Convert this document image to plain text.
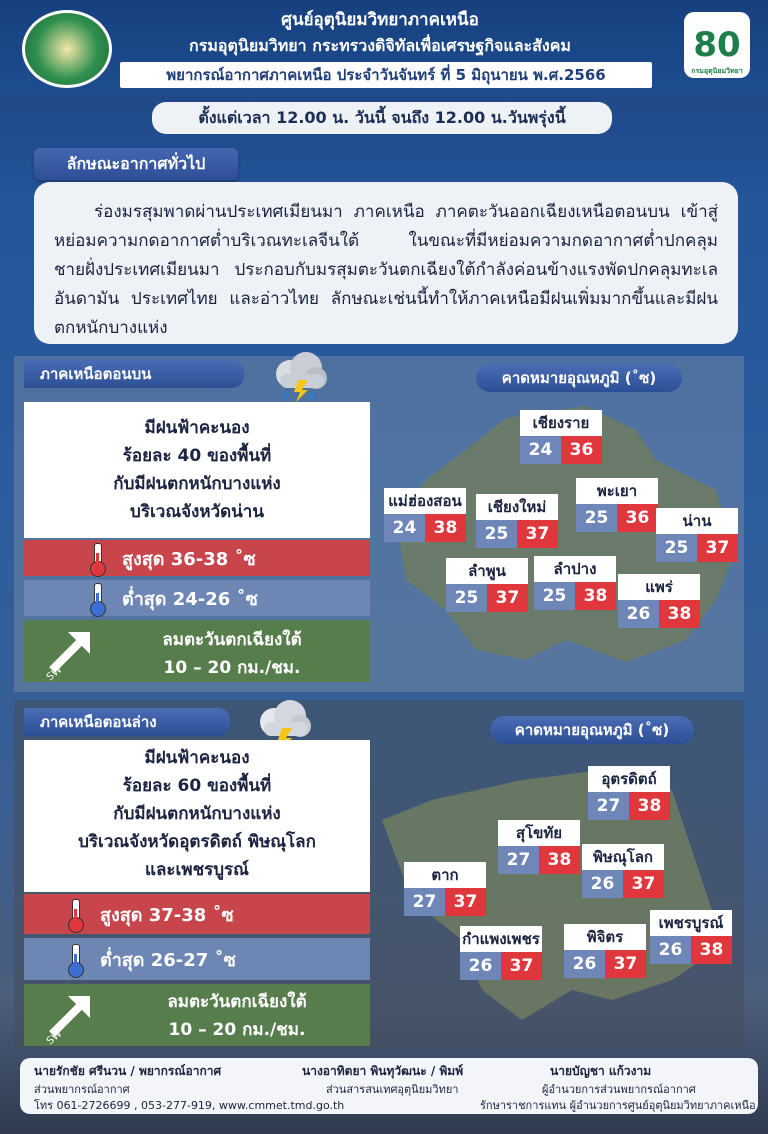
ศูนย์อุตุนิยมวิทยาภาคเหนือ
กรมอุตุนิยมวิทยา กระทรวงดิจิทัลเพื่อเศรษฐกิจและสังคม
พยากรณ์อากาศภาคเหนือ ประจำวันจันทร์ ที่ 5 มิถุนายน พ.ศ.2566
80
กรมอุตุนิยมวิทยา
ตั้งแต่เวลา 12.00 น. วันนี้ จนถึง 12.00 น.วันพรุ่งนี้
ลักษณะอากาศทั่วไป

ร่องมรสุมพาดผ่านประเทศเมียนมา ภาคเหนือ ภาคตะวันออกเฉียงเหนือตอนบน เข้าสู่หย่อมความกดอากาศต่ำบริเวณทะเลจีนใต้ ในขณะที่มีหย่อมความกดอากาศต่ำปกคลุมชายฝั่งประเทศเมียนมา ประกอบกับมรสุมตะวันตกเฉียงใต้กำลังค่อนข้างแรงพัดปกคลุมทะเลอันดามัน ประเทศไทย และอ่าวไทย ลักษณะเช่นนี้ทำให้ภาคเหนือมีฝนเพิ่มมากขึ้นและมีฝนตกหนักบางแห่ง

ภาคเหนือตอนบน
มีฝนฟ้าคะนอง
ร้อยละ 40 ของพื้นที่
กับมีฝนตกหนักบางแห่ง
บริเวณจังหวัดน่าน
สูงสุด 36-38 ˚ซ
ต่ำสุด 24-26 ˚ซ
ลมตะวันตกเฉียงใต้
10 – 20 กม./ชม.
SW
คาดหมายอุณหภูมิ (˚ซ)
เชียงราย
24	36
แม่ฮ่องสอน
24	38
เชียงใหม่
25	37
พะเยา
25	36	น่าน
25	37
ลำพูน
25	37
ลำปาง
25	38	แพร่
26	38
ภาคเหนือตอนล่าง
มีฝนฟ้าคะนอง
ร้อยละ 60 ของพื้นที่
กับมีฝนตกหนักบางแห่ง
บริเวณจังหวัดอุตรดิตถ์ พิษณุโลก
และเพชรบูรณ์
สูงสุด 37-38 ˚ซ
ต่ำสุด 26-27 ˚ซ
ลมตะวันตกเฉียงใต้
10 – 20 กม./ชม.
SW
คาดหมายอุณหภูมิ (˚ซ)
อุตรดิตถ์
27	38
สุโขทัย
27	38	พิษณุโลก
26	37
ตาก
27	37
กำแพงเพชร
26	37
พิจิตร
26	37
เพชรบูรณ์
26	38
นายรักชัย ศรีนวน / พยากรณ์อากาศ
ส่วนพยากรณ์อากาศ
โทร 061-2726699 , 053-277-919, www.cmmet.tmd.go.th
นางอาทิตยา พินทุวัฒนะ / พิมพ์
ส่วนสารสนเทศอุตุนิยมวิทยา
นายบัญชา แก้วงาม
ผู้อำนวยการส่วนพยากรณ์อากาศ
รักษาราชการแทน ผู้อำนวยการศูนย์อุตุนิยมวิทยาภาคเหนือ
